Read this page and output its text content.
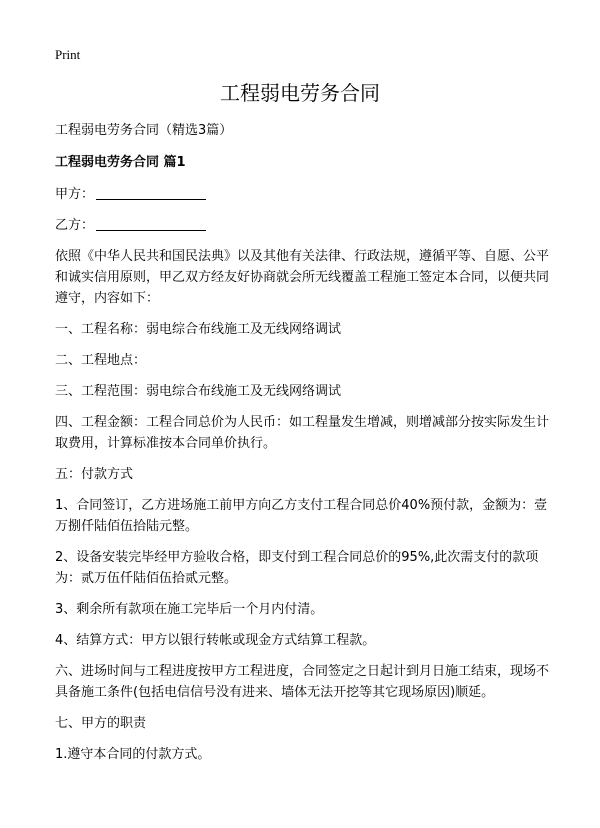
Print
工程弱电劳务合同

工程弱电劳务合同（精选3篇）

工程弱电劳务合同 篇1

甲方：
乙方：

依照《中华人民共和国民法典》以及其他有关法律、行政法规，遵循平等、自愿、公平和诚实信用原则，甲乙双方经友好协商就会所无线覆盖工程施工签定本合同，以便共同遵守，内容如下：

一、工程名称：弱电综合布线施工及无线网络调试

二、工程地点：

三、工程范围：弱电综合布线施工及无线网络调试

四、工程金额：工程合同总价为人民币：如工程量发生增减，则增减部分按实际发生计取费用，计算标准按本合同单价执行。

五：付款方式

1、合同签订，乙方进场施工前甲方向乙方支付工程合同总价40%预付款，金额为：壹万捌仟陆佰伍拾陆元整。

2、设备安装完毕经甲方验收合格，即支付到工程合同总价的95%,此次需支付的款项为：贰万伍仟陆佰伍拾贰元整。

3、剩余所有款项在施工完毕后一个月内付清。

4、结算方式：甲方以银行转帐或现金方式结算工程款。

六、进场时间与工程进度按甲方工程进度，合同签定之日起计到月日施工结束，现场不具备施工条件(包括电信信号没有进来、墙体无法开挖等其它现场原因)顺延。

七、甲方的职责

1.遵守本合同的付款方式。
